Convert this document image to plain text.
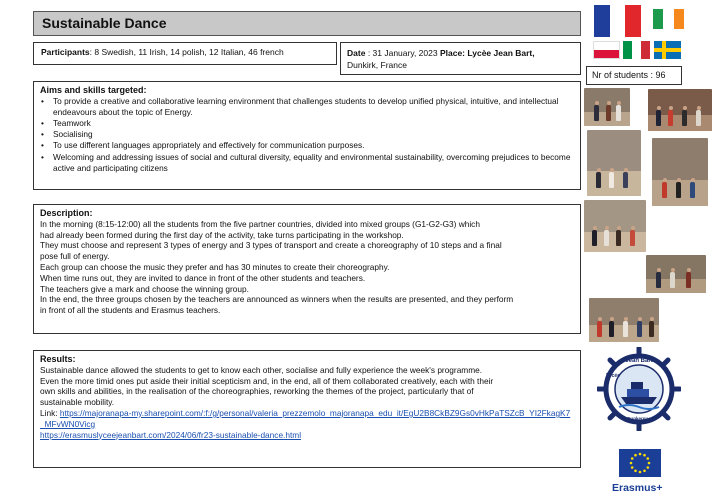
Sustainable Dance
Participants: 8 Swedish, 11 Irish, 14 polish, 12 Italian, 46 french	Date : 31 January, 2023 Place: Lycèe Jean Bart,
Dunkirk, France
Nr of students : 96
Aims and skills targeted:
• To provide a creative and collaborative learning environment that challenges students to develop unified physical, intuitive, and intellectual endeavours about the topic of Energy.
• Teamwork
• Socialising
• To use different languages appropriately and effectively for communication purposes.
• Welcoming and addressing issues of social and cultural diversity, equality and environmental sustainability, overcoming prejudices to become active and participating citizens
Description:
In the morning (8:15-12:00) all the students from the five partner countries, divided into mixed groups (G1-G2-G3) which
had already been formed during the first day of the activity, take turns participating in the workshop.
They must choose and represent 3 types of energy and 3 types of transport and create a choreography of 10 steps and a final
pose full of energy.
Each group can choose the music they prefer and has 30 minutes to create their choreography.
When time runs out, they are invited to dance in front of the other students and teachers.
The teachers give a mark and choose the winning group.
In the end, the three groups chosen by the teachers are announced as winners when the results are presented, and they perform
in front of all the students and Erasmus teachers.
Results:
Sustainable dance allowed the students to get to know each other, socialise and fully experience the week's programme.
Even the more timid ones put aside their initial scepticism and, in the end, all of them collaborated creatively, each with their
own skills and abilities, in the realisation of the choreographies, reworking the themes of the project, particularly that of
sustainable mobility.
Link: https://majoranapa-my.sharepoint.com/:f:/g/personal/valeria_prezzemolo_majoranapa_edu_it/EgU2B8CkBZ9Gs0vHkPaTSZcB_YI2FkagK7_MFvWN0Vicg
https://erasmuslyceejeanbart.com/2024/06/fr23-sustainable-dance.html
Jean Bart
Lycée
Dunkerque
Erasmus+
